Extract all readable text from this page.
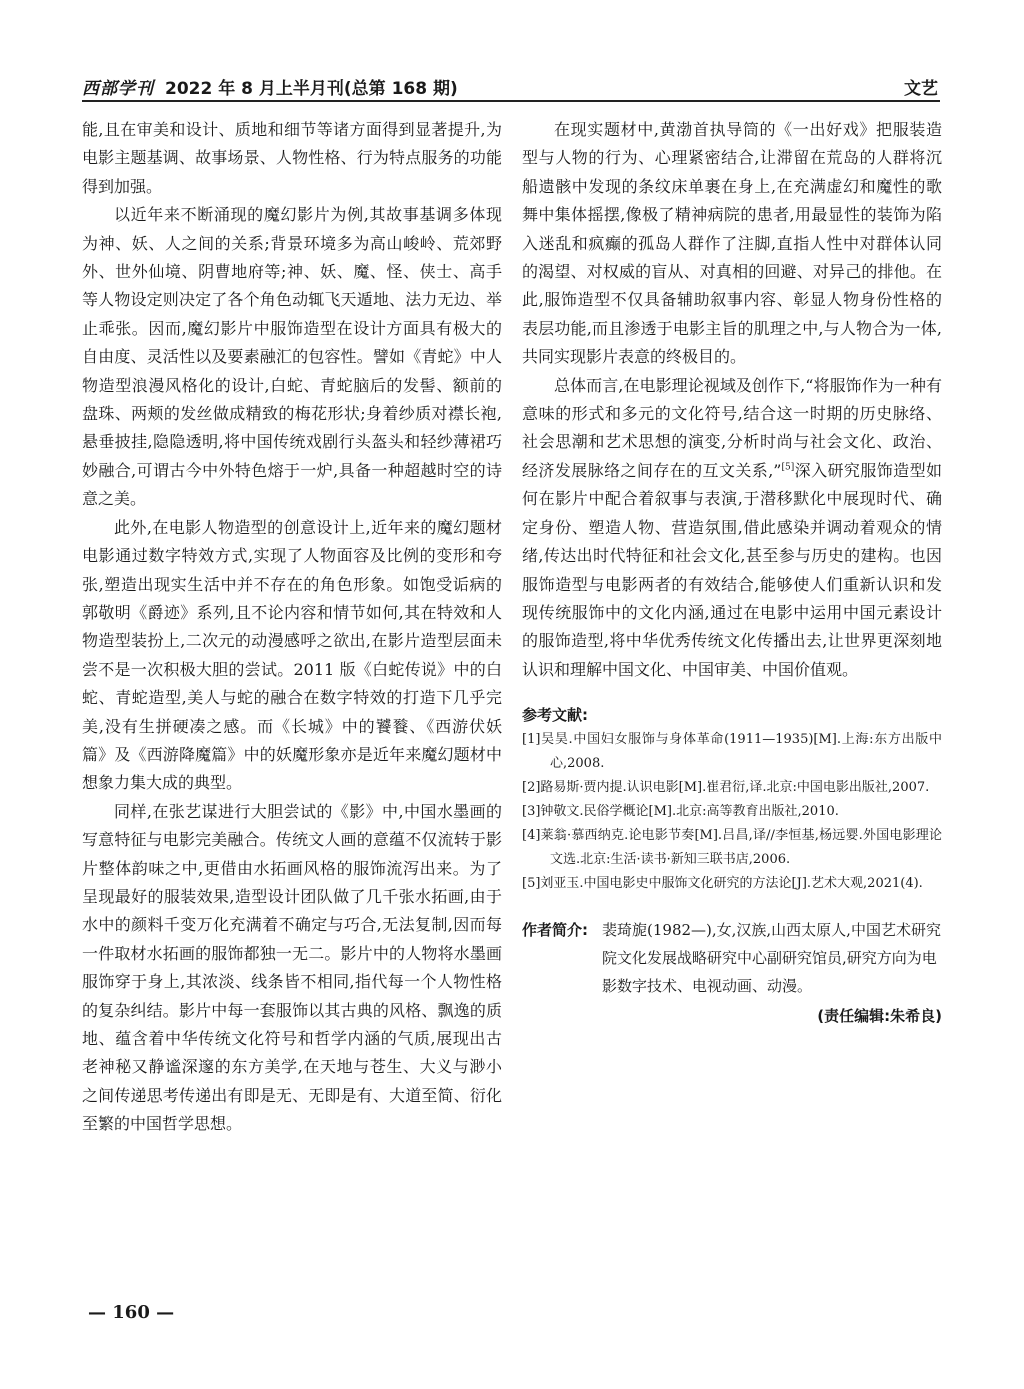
西部学刊 2022 年 8 月上半月刊(总第 168 期)	文艺

能,且在审美和设计、质地和细节等诸方面得到显著提升,为电影主题基调、故事场景、人物性格、行为特点服务的功能得到加强。

以近年来不断涌现的魔幻影片为例,其故事基调多体现为神、妖、人之间的关系;背景环境多为高山峻岭、荒郊野外、世外仙境、阴曹地府等;神、妖、魔、怪、侠士、高手等人物设定则决定了各个角色动辄飞天遁地、法力无边、举止乖张。因而,魔幻影片中服饰造型在设计方面具有极大的自由度、灵活性以及要素融汇的包容性。譬如《青蛇》中人物造型浪漫风格化的设计,白蛇、青蛇脑后的发髻、额前的盘珠、两颊的发丝做成精致的梅花形状;身着纱质对襟长袍,悬垂披挂,隐隐透明,将中国传统戏剧行头盔头和轻纱薄裙巧妙融合,可谓古今中外特色熔于一炉,具备一种超越时空的诗意之美。

此外,在电影人物造型的创意设计上,近年来的魔幻题材电影通过数字特效方式,实现了人物面容及比例的变形和夸张,塑造出现实生活中并不存在的角色形象。如饱受诟病的郭敬明《爵迹》系列,且不论内容和情节如何,其在特效和人物造型装扮上,二次元的动漫感呼之欲出,在影片造型层面未尝不是一次积极大胆的尝试。2011 版《白蛇传说》中的白蛇、青蛇造型,美人与蛇的融合在数字特效的打造下几乎完美,没有生拼硬凑之感。而《长城》中的饕餮、《西游伏妖篇》及《西游降魔篇》中的妖魔形象亦是近年来魔幻题材中想象力集大成的典型。

同样,在张艺谋进行大胆尝试的《影》中,中国水墨画的写意特征与电影完美融合。传统文人画的意蕴不仅流转于影片整体韵味之中,更借由水拓画风格的服饰流泻出来。为了呈现最好的服装效果,造型设计团队做了几千张水拓画,由于水中的颜料千变万化充满着不确定与巧合,无法复制,因而每一件取材水拓画的服饰都独一无二。影片中的人物将水墨画服饰穿于身上,其浓淡、线条皆不相同,指代每一个人物性格的复杂纠结。影片中每一套服饰以其古典的风格、飘逸的质地、蕴含着中华传统文化符号和哲学内涵的气质,展现出古老神秘又静谧深邃的东方美学,在天地与苍生、大义与渺小之间传递思考传递出有即是无、无即是有、大道至简、衍化至繁的中国哲学思想。

在现实题材中,黄渤首执导筒的《一出好戏》把服装造型与人物的行为、心理紧密结合,让滞留在荒岛的人群将沉船遗骸中发现的条纹床单裹在身上,在充满虚幻和魔性的歌舞中集体摇摆,像极了精神病院的患者,用最显性的装饰为陷入迷乱和疯癫的孤岛人群作了注脚,直指人性中对群体认同的渴望、对权威的盲从、对真相的回避、对异己的排他。在此,服饰造型不仅具备辅助叙事内容、彰显人物身份性格的表层功能,而且渗透于电影主旨的肌理之中,与人物合为一体,共同实现影片表意的终极目的。

总体而言,在电影理论视域及创作下,“将服饰作为一种有意味的形式和多元的文化符号,结合这一时期的历史脉络、社会思潮和艺术思想的演变,分析时尚与社会文化、政治、经济发展脉络之间存在的互文关系,”[5]深入研究服饰造型如何在影片中配合着叙事与表演,于潜移默化中展现时代、确定身份、塑造人物、营造氛围,借此感染并调动着观众的情绪,传达出时代特征和社会文化,甚至参与历史的建构。也因服饰造型与电影两者的有效结合,能够使人们重新认识和发现传统服饰中的文化内涵,通过在电影中运用中国元素设计的服饰造型,将中华优秀传统文化传播出去,让世界更深刻地认识和理解中国文化、中国审美、中国价值观。

参考文献:
[1]吴昊.中国妇女服饰与身体革命(1911—1935)[M].上海:东方出版中心,2008.
[2]路易斯·贾内提.认识电影[M].崔君衍,译.北京:中国电影出版社,2007.
[3]钟敬文.民俗学概论[M].北京:高等教育出版社,2010.
[4]莱翁·慕西纳克.论电影节奏[M].吕昌,译//李恒基,杨远婴.外国电影理论文选.北京:生活·读书·新知三联书店,2006.
[5]刘亚玉.中国电影史中服饰文化研究的方法论[J].艺术大观,2021(4).
作者简介: 裴琦旎(1982—),女,汉族,山西太原人,中国艺术研究院文化发展战略研究中心副研究馆员,研究方向为电影数字技术、电视动画、动漫。
(责任编辑:朱希良)
— 160 —
